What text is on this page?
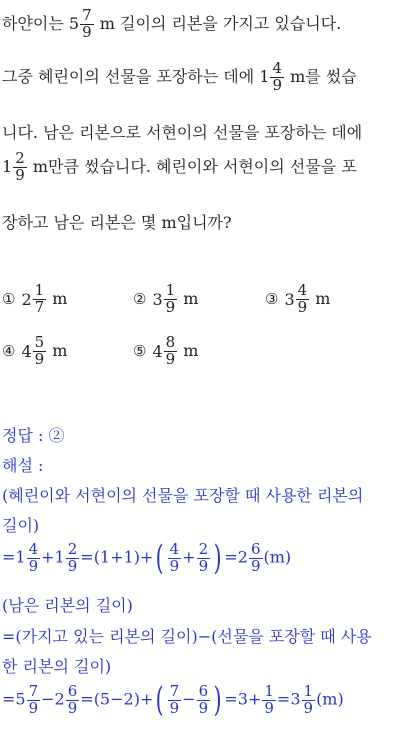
하얀이는 $5 \frac{7}{9}$ m 길이의 리본을 가지고 있습니다.
그중 혜린이의 선물을 포장하는 데에 $1 \frac{4}{9}$ m를 썼습
니다. 남은 리본으로 서현이의 선물을 포장하는 데에
$1 \frac{2}{9}$ m만큼 썼습니다. 혜린이와 서현이의 선물을 포
장하고 남은 리본은 몇 m입니까?
① $2 \frac{1}{7}$ m	② $3 \frac{1}{9}$ m	③ $3 \frac{4}{9}$ m
④ $4 \frac{5}{9}$ m	⑤ $4 \frac{8}{9}$ m
정답 : ②
해설 :
(혜린이와 서현이의 선물을 포장할 때 사용한 리본의
길이)
$=1 \frac{4}{9} +1 \frac{2}{9} =(1+1)+( \frac{4}{9} + \frac{2}{9}$ ) $=2 \frac{6}{9} (m)$
(남은 리본의 길이)
=(가지고 있는 리본의 길이)−(선물을 포장할 때 사용
한 리본의 길이)
$=5 \frac{7}{9} -2 \frac{6}{9} =(5-2)+( \frac{7}{9} - \frac{6}{9}$ ) $=3+ \frac{1}{9} =3 \frac{1}{9} (m)$
